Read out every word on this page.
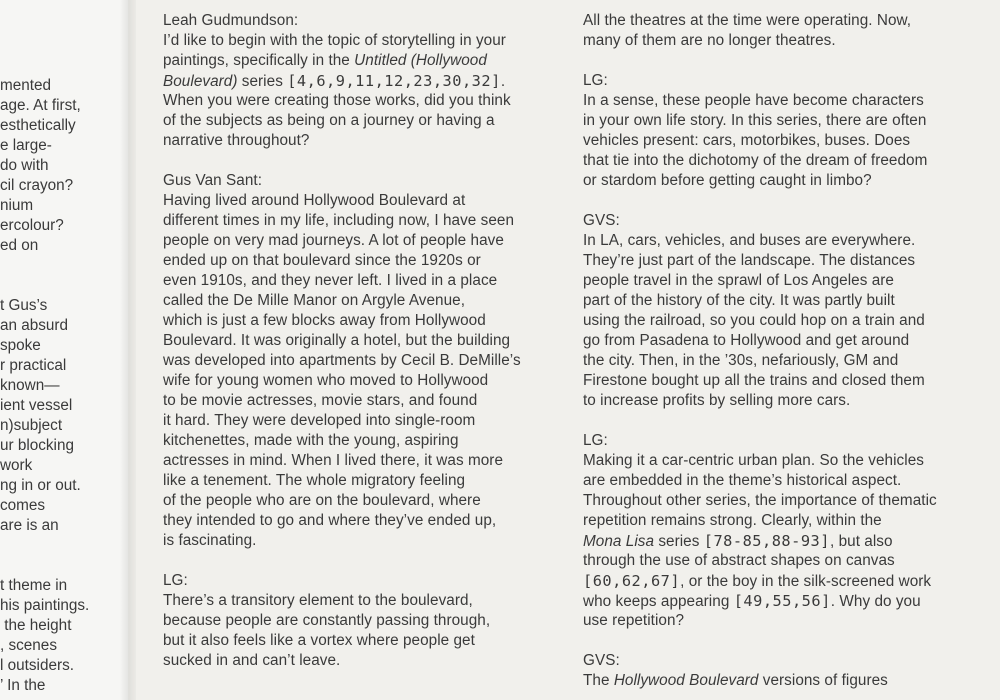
mented
age. At first,
esthetically
e large-
do with
cil crayon?
nium
ercolour?
ed on
t Gus’s
an absurd
spoke
r practical
known—
ient vessel
n)subject
ur blocking
work
ng in or out.
comes
are is an
t theme in
his paintings.
the height
, scenes
l outsiders.
’ In the
Leah Gudmundson:
I’d like to begin with the topic of storytelling in your
paintings, specifically in the Untitled (Hollywood
Boulevard) series [4,6,9,11,12,23,30,32].
When you were creating those works, did you think
of the subjects as being on a journey or having a
narrative throughout?
Gus Van Sant:
Having lived around Hollywood Boulevard at
different times in my life, including now, I have seen
people on very mad journeys. A lot of people have
ended up on that boulevard since the 1920s or
even 1910s, and they never left. I lived in a place
called the De Mille Manor on Argyle Avenue,
which is just a few blocks away from Hollywood
Boulevard. It was originally a hotel, but the building
was developed into apartments by Cecil B. DeMille’s
wife for young women who moved to Hollywood
to be movie actresses, movie stars, and found
it hard. They were developed into single-room
kitchenettes, made with the young, aspiring
actresses in mind. When I lived there, it was more
like a tenement. The whole migratory feeling
of the people who are on the boulevard, where
they intended to go and where they’ve ended up,
is fascinating.
LG:
There’s a transitory element to the boulevard,
because people are constantly passing through,
but it also feels like a vortex where people get
sucked in and can’t leave.
All the theatres at the time were operating. Now,
many of them are no longer theatres.
LG:
In a sense, these people have become characters
in your own life story. In this series, there are often
vehicles present: cars, motorbikes, buses. Does
that tie into the dichotomy of the dream of freedom
or stardom before getting caught in limbo?
GVS:
In LA, cars, vehicles, and buses are everywhere.
They’re just part of the landscape. The distances
people travel in the sprawl of Los Angeles are
part of the history of the city. It was partly built
using the railroad, so you could hop on a train and
go from Pasadena to Hollywood and get around
the city. Then, in the ’30s, nefariously, GM and
Firestone bought up all the trains and closed them
to increase profits by selling more cars.
LG:
Making it a car-centric urban plan. So the vehicles
are embedded in the theme’s historical aspect.
Throughout other series, the importance of thematic
repetition remains strong. Clearly, within the
Mona Lisa series [78-85,88-93], but also
through the use of abstract shapes on canvas
[60,62,67], or the boy in the silk-screened work
who keeps appearing [49,55,56]. Why do you
use repetition?
GVS:
The Hollywood Boulevard versions of figures
